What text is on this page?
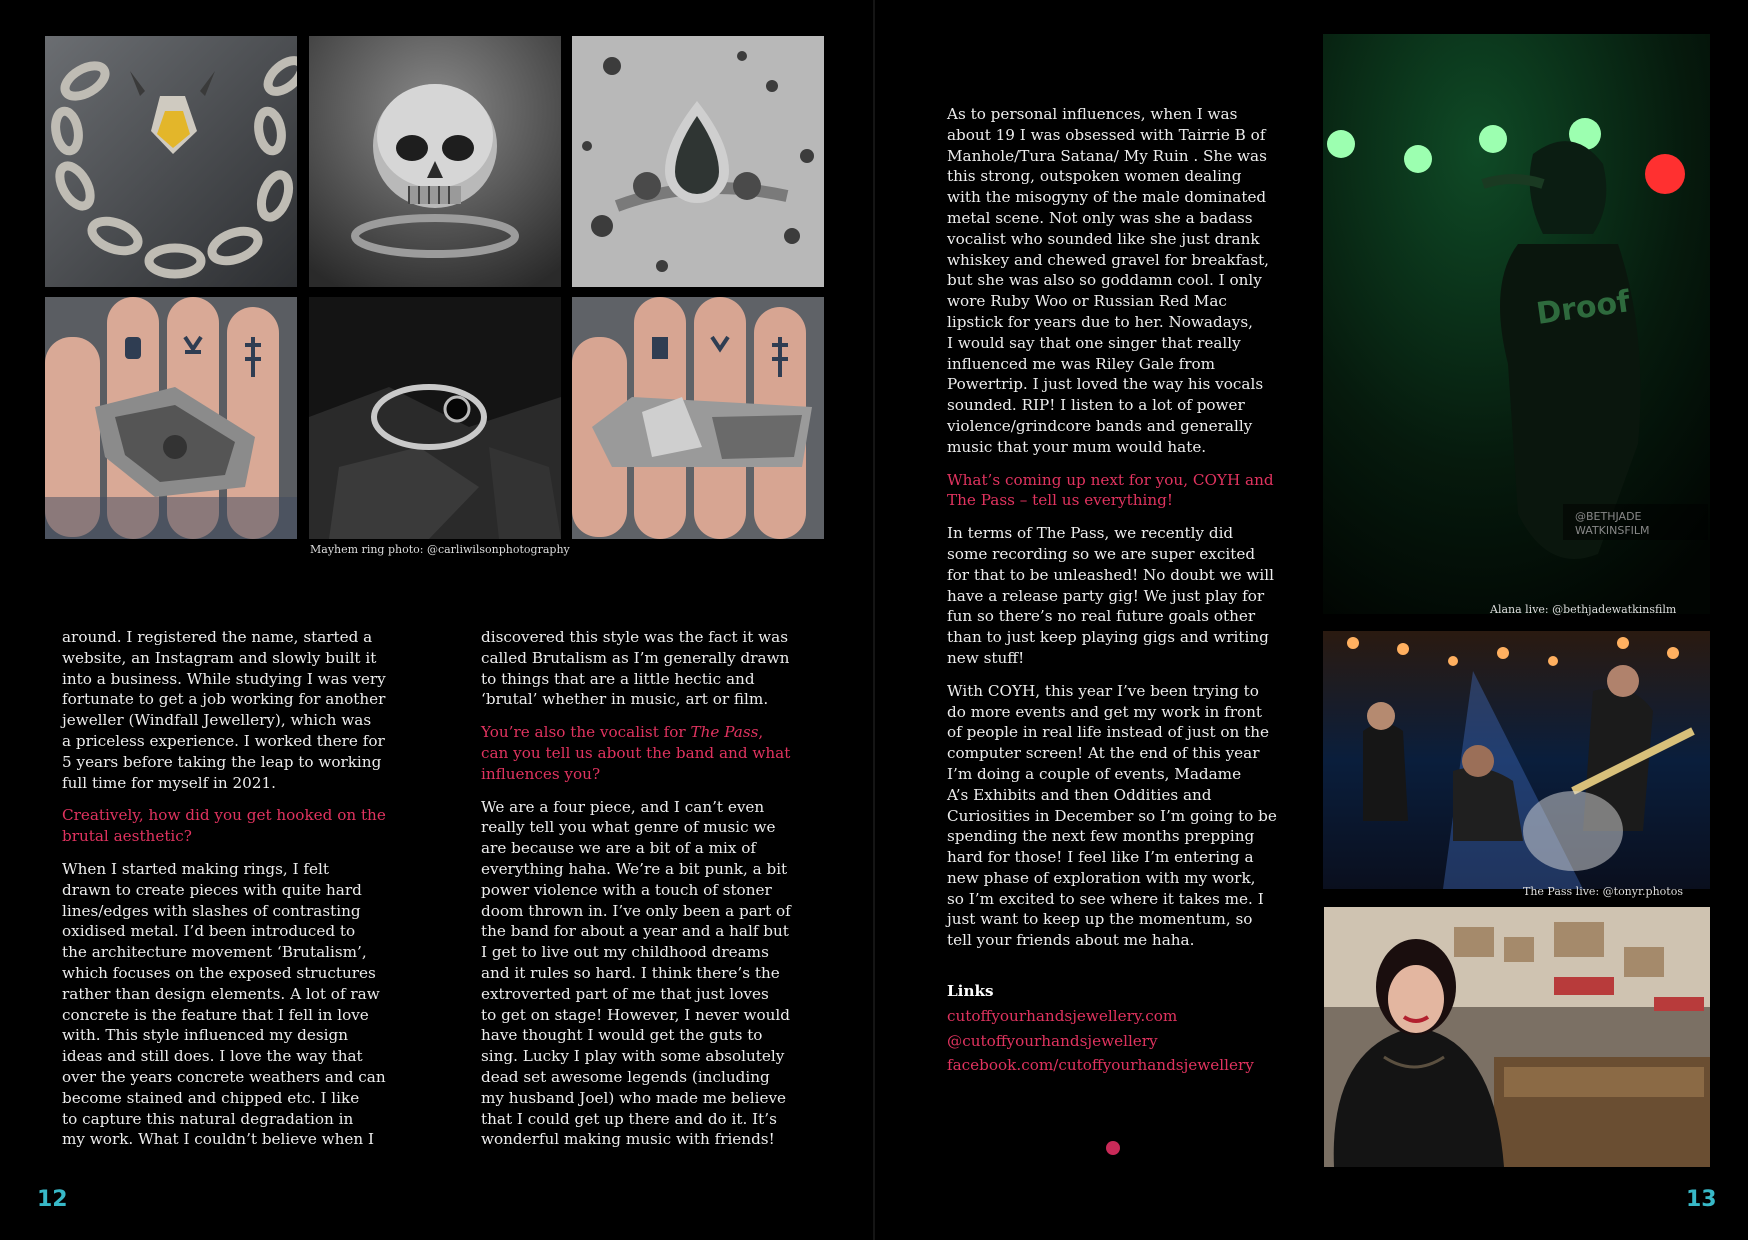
Mayhem ring photo: @carliwilsonphotography

around. I registered the name, started a
website, an Instagram and slowly built it
into a business. While studying I was very
fortunate to get a job working for another
jeweller (Windfall Jewellery), which was
a priceless experience. I worked there for
5 years before taking the leap to working
full time for myself in 2021.

Creatively, how did you get hooked on the
brutal aesthetic?

When I started making rings, I felt
drawn to create pieces with quite hard
lines/edges with slashes of contrasting
oxidised metal. I’d been introduced to
the architecture movement ‘Brutalism’,
which focuses on the exposed structures
rather than design elements. A lot of raw
concrete is the feature that I fell in love
with. This style influenced my design
ideas and still does. I love the way that
over the years concrete weathers and can
become stained and chipped etc. I like
to capture this natural degradation in
my work. What I couldn’t believe when I

discovered this style was the fact it was
called Brutalism as I’m generally drawn
to things that are a little hectic and
‘brutal’ whether in music, art or film.

You’re also the vocalist for The Pass,
can you tell us about the band and what
influences you?

We are a four piece, and I can’t even
really tell you what genre of music we
are because we are a bit of a mix of
everything haha. We’re a bit punk, a bit
power violence with a touch of stoner
doom thrown in. I’ve only been a part of
the band for about a year and a half but
I get to live out my childhood dreams
and it rules so hard. I think there’s the
extroverted part of me that just loves
to get on stage! However, I never would
have thought I would get the guts to
sing. Lucky I play with some absolutely
dead set awesome legends (including
my husband Joel) who made me believe
that I could get up there and do it. It’s
wonderful making music with friends!

12

As to personal influences, when I was
about 19 I was obsessed with Tairrie B of
Manhole/Tura Satana/ My Ruin . She was
this strong, outspoken women dealing
with the misogyny of the male dominated
metal scene. Not only was she a badass
vocalist who sounded like she just drank
whiskey and chewed gravel for breakfast,
but she was also so goddamn cool. I only
wore Ruby Woo or Russian Red Mac
lipstick for years due to her. Nowadays,
I would say that one singer that really
influenced me was Riley Gale from
Powertrip. I just loved the way his vocals
sounded. RIP! I listen to a lot of power
violence/grindcore bands and generally
music that your mum would hate.

What’s coming up next for you, COYH and
The Pass – tell us everything!

In terms of The Pass, we recently did
some recording so we are super excited
for that to be unleashed! No doubt we will
have a release party gig! We just play for
fun so there’s no real future goals other
than to just keep playing gigs and writing
new stuff!

With COYH, this year I’ve been trying to
do more events and get my work in front
of people in real life instead of just on the
computer screen! At the end of this year
I’m doing a couple of events, Madame
A’s Exhibits and then Oddities and
Curiosities in December so I’m going to be
spending the next few months prepping
hard for those! I feel like I’m entering a
new phase of exploration with my work,
so I’m excited to see where it takes me. I
just want to keep up the momentum, so
tell your friends about me haha.

Links
cutoffyourhandsjewellery.com
@cutoffyourhandsjewellery
facebook.com/cutoffyourhandsjewellery
Droof
@BETHJADE
WATKINSFILM
Alana live: @bethjadewatkinsfilm
The Pass live: @tonyr.photos
13
